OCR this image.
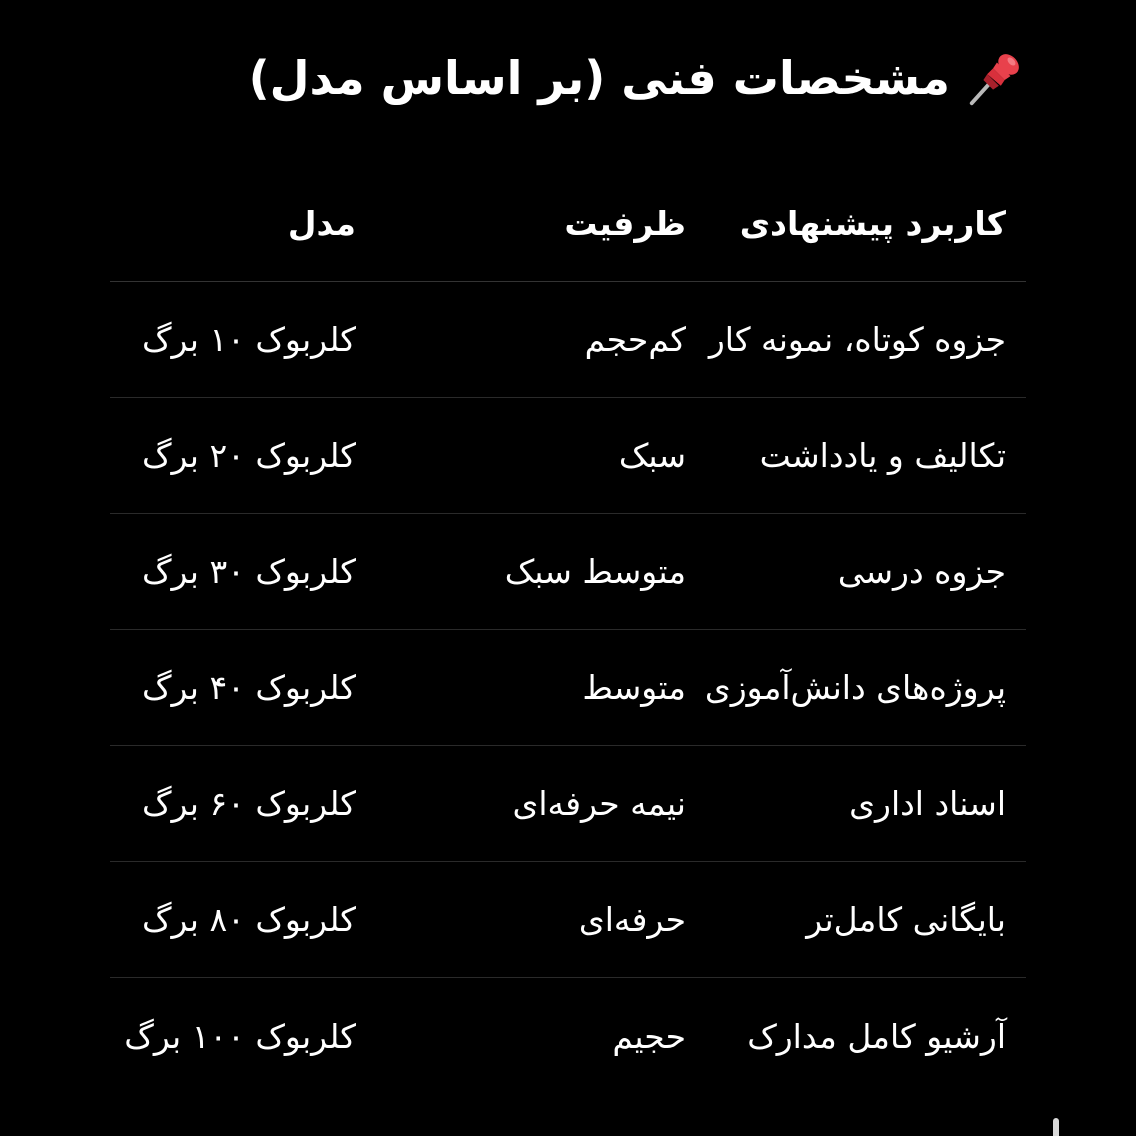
مشخصات فنی (بر اساس مدل)
کاربرد پیشنهادی
ظرفیت
مدل
جزوه کوتاه، نمونه کار
کم‌حجم
کلربوک ۱۰ برگ
تکالیف و یادداشت
سبک
کلربوک ۲۰ برگ
جزوه درسی
متوسط سبک
کلربوک ۳۰ برگ
پروژه‌های دانش‌آموزی
متوسط
کلربوک ۴۰ برگ
اسناد اداری
نیمه حرفه‌ای
کلربوک ۶۰ برگ
بایگانی کامل‌تر
حرفه‌ای
کلربوک ۸۰ برگ
آرشیو کامل مدارک
حجیم
کلربوک ۱۰۰ برگ
